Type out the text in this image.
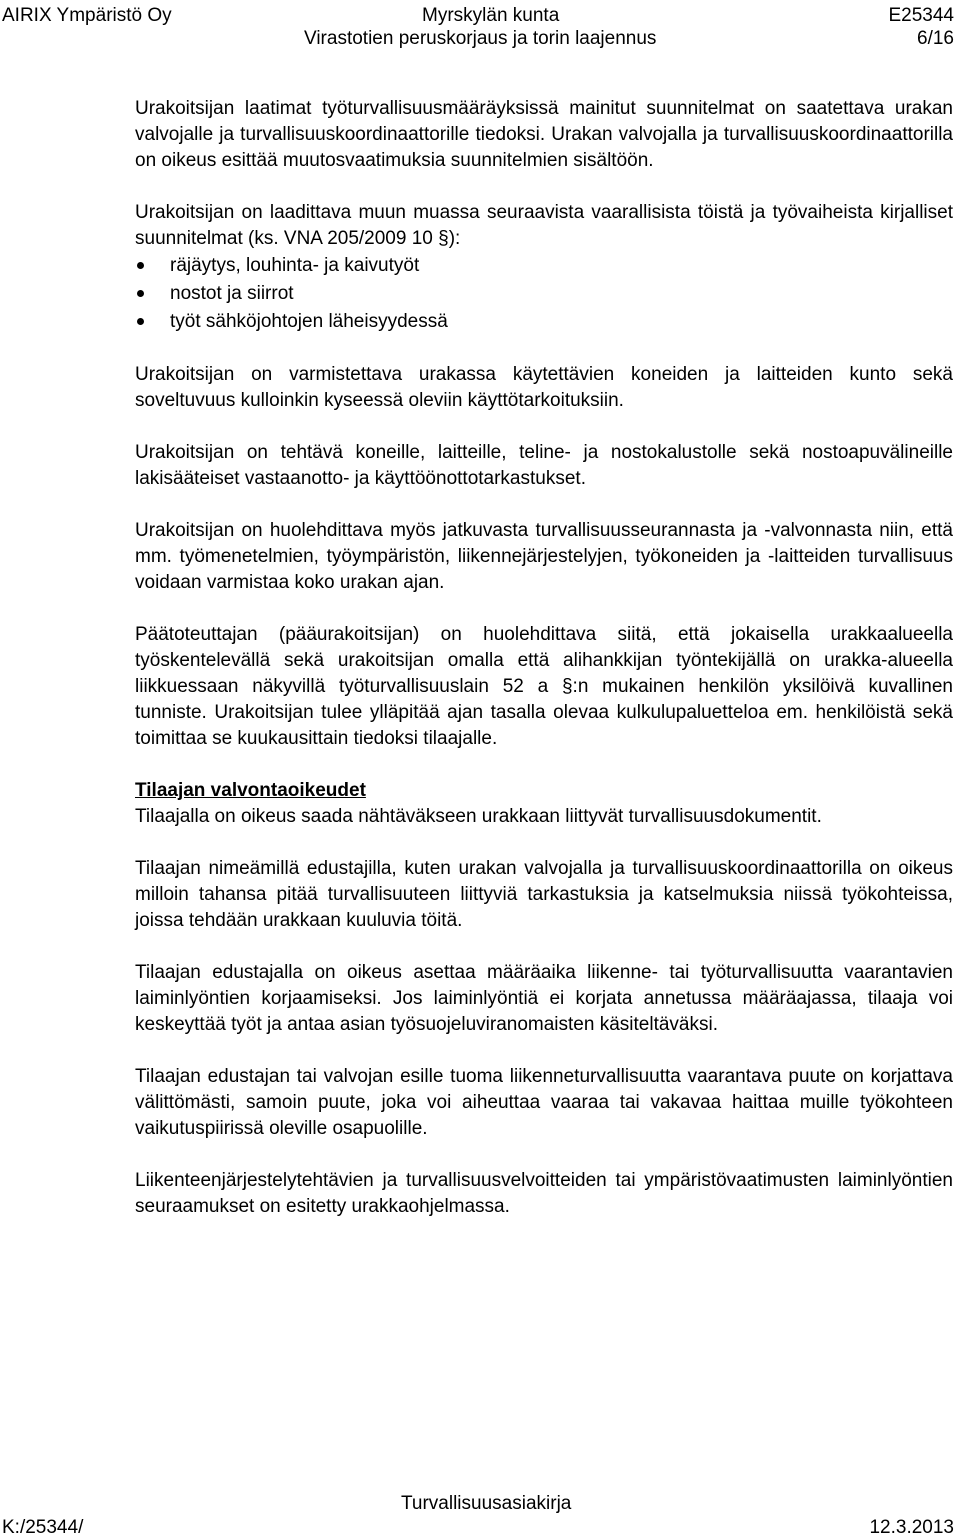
AIRIX Ympäristö Oy	Myrskylän kunta	E25344
Virastotien peruskorjaus ja torin laajennus	6/16

Urakoitsijan laatimat työturvallisuusmääräyksissä mainitut suunnitelmat on saatettava urakan valvojalle ja turvallisuuskoordinaattorille tiedoksi. Urakan valvojalla ja turvallisuuskoordinaattorilla on oikeus esittää muutosvaatimuksia suunnitelmien sisältöön.

Urakoitsijan on laadittava muun muassa seuraavista vaarallisista töistä ja työvaiheista kirjalliset suunnitelmat (ks. VNA 205/2009 10 §):

räjäytys, louhinta- ja kaivutyöt
nostot ja siirrot
työt sähköjohtojen läheisyydessä

Urakoitsijan on varmistettava urakassa käytettävien koneiden ja laitteiden kunto sekä soveltuvuus kulloinkin kyseessä oleviin käyttötarkoituksiin.

Urakoitsijan on tehtävä koneille, laitteille, teline- ja nostokalustolle sekä nostoapuvälineille lakisääteiset vastaanotto- ja käyttöönottotarkastukset.

Urakoitsijan on huolehdittava myös jatkuvasta turvallisuusseurannasta ja -valvonnasta niin, että mm. työmenetelmien, työympäristön, liikennejärjestelyjen, työkoneiden ja -laitteiden turvallisuus voidaan varmistaa koko urakan ajan.

Päätoteuttajan (pääurakoitsijan) on huolehdittava siitä, että jokaisella urakkaalueella työskentelevällä sekä urakoitsijan omalla että alihankkijan työntekijällä on urakka-alueella liikkuessaan näkyvillä työturvallisuuslain 52 a §:n mukainen henkilön yksilöivä kuvallinen tunniste. Urakoitsijan tulee ylläpitää ajan tasalla olevaa kulkulupaluetteloa em. henkilöistä sekä toimittaa se kuukausittain tiedoksi tilaajalle.

Tilaajan valvontaoikeudet

Tilaajalla on oikeus saada nähtäväkseen urakkaan liittyvät turvallisuusdokumentit.

Tilaajan nimeämillä edustajilla, kuten urakan valvojalla ja turvallisuuskoordinaattorilla on oikeus milloin tahansa pitää turvallisuuteen liittyviä tarkastuksia ja katselmuksia niissä työkohteissa, joissa tehdään urakkaan kuuluvia töitä.

Tilaajan edustajalla on oikeus asettaa määräaika liikenne- tai työturvallisuutta vaarantavien laiminlyöntien korjaamiseksi. Jos laiminlyöntiä ei korjata annetussa määräajassa, tilaaja voi keskeyttää työt ja antaa asian työsuojeluviranomaisten käsiteltäväksi.

Tilaajan edustajan tai valvojan esille tuoma liikenneturvallisuutta vaarantava puute on korjattava välittömästi, samoin puute, joka voi aiheuttaa vaaraa tai vakavaa haittaa muille työkohteen vaikutuspiirissä oleville osapuolille.

Liikenteenjärjestelytehtävien ja turvallisuusvelvoitteiden tai ympäristövaatimusten laiminlyöntien seuraamukset on esitetty urakkaohjelmassa.

Turvallisuusasiakirja
K:/25344/	12.3.2013
